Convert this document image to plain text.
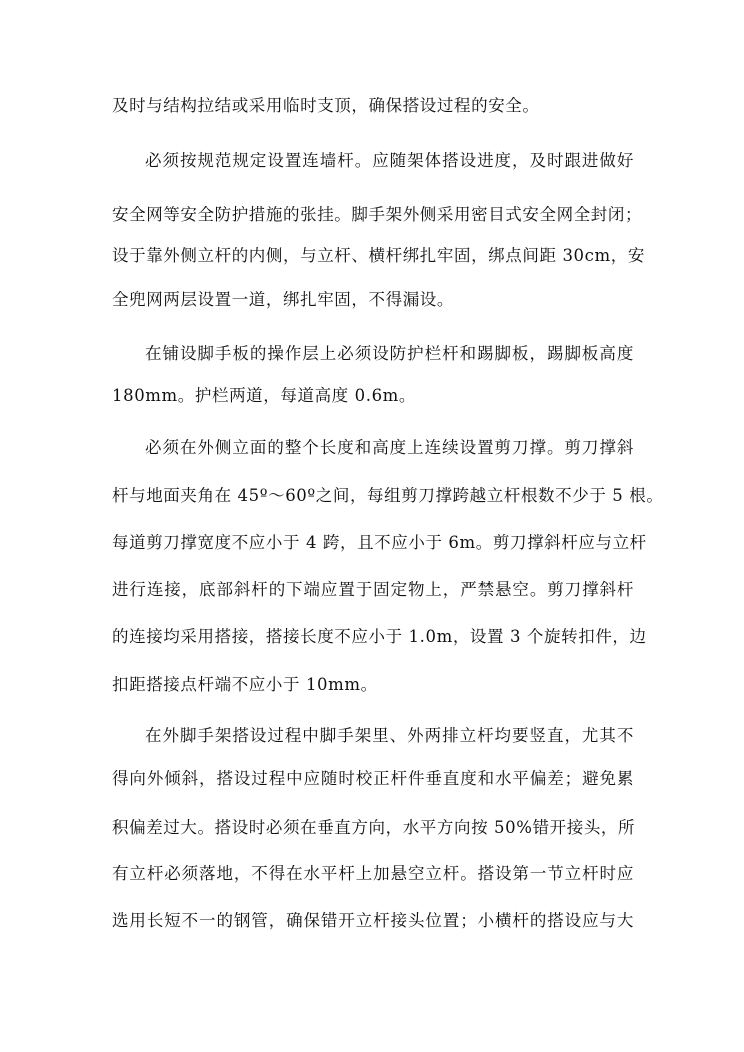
及时与结构拉结或采用临时支顶，确保搭设过程的安全。
必须按规范规定设置连墙杆。应随架体搭设进度，及时跟进做好
安全网等安全防护措施的张挂。脚手架外侧采用密目式安全网全封闭；
设于靠外侧立杆的内侧，与立杆、横杆绑扎牢固，绑点间距 30cm，安
全兜网两层设置一道，绑扎牢固，不得漏设。
在铺设脚手板的操作层上必须设防护栏杆和踢脚板，踢脚板高度
180mm。护栏两道，每道高度 0.6m。
必须在外侧立面的整个长度和高度上连续设置剪刀撑。剪刀撑斜
杆与地面夹角在 45º～60º之间，每组剪刀撑跨越立杆根数不少于 5 根。
每道剪刀撑宽度不应小于 4 跨，且不应小于 6m。剪刀撑斜杆应与立杆
进行连接，底部斜杆的下端应置于固定物上，严禁悬空。剪刀撑斜杆
的连接均采用搭接，搭接长度不应小于 1.0m，设置 3 个旋转扣件，边
扣距搭接点杆端不应小于 10mm。
在外脚手架搭设过程中脚手架里、外两排立杆均要竖直，尤其不
得向外倾斜，搭设过程中应随时校正杆件垂直度和水平偏差；避免累
积偏差过大。搭设时必须在垂直方向，水平方向按 50%错开接头，所
有立杆必须落地，不得在水平杆上加悬空立杆。搭设第一节立杆时应
选用长短不一的钢管，确保错开立杆接头位置；小横杆的搭设应与大
